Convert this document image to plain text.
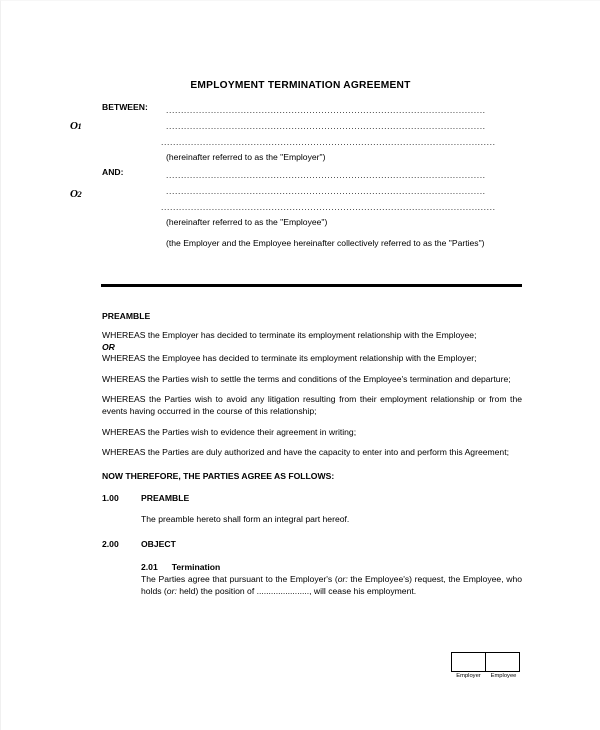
EMPLOYMENT TERMINATION AGREEMENT
O1
O2
BETWEEN:	...........................................................................................................
...........................................................................................................
................................................................................................................
(hereinafter referred to as the "Employer")
AND:	...........................................................................................................
...........................................................................................................
................................................................................................................
(hereinafter referred to as the "Employee")
(the Employer and the Employee hereinafter collectively referred to as the "Parties")
PREAMBLE

WHEREAS the Employer has decided to terminate its employment relationship with the Employee;

OR

WHEREAS the Employee has decided to terminate its employment relationship with the Employer;

WHEREAS the Parties wish to settle the terms and conditions of the Employee's termination and departure;

WHEREAS the Parties wish to avoid any litigation resulting from their employment relationship or from the events having occurred in the course of this relationship;

WHEREAS the Parties wish to evidence their agreement in writing;

WHEREAS the Parties are duly authorized and have the capacity to enter into and perform this Agreement;

NOW THEREFORE, THE PARTIES AGREE AS FOLLOWS:
1.00	PREAMBLE
The preamble hereto shall form an integral part hereof.
2.00	OBJECT
2.01 Termination

The Parties agree that pursuant to the Employer's (or: the Employee's) request, the Employee, who holds (or: held) the position of ......................, will cease his employment.

Employer	Employee
